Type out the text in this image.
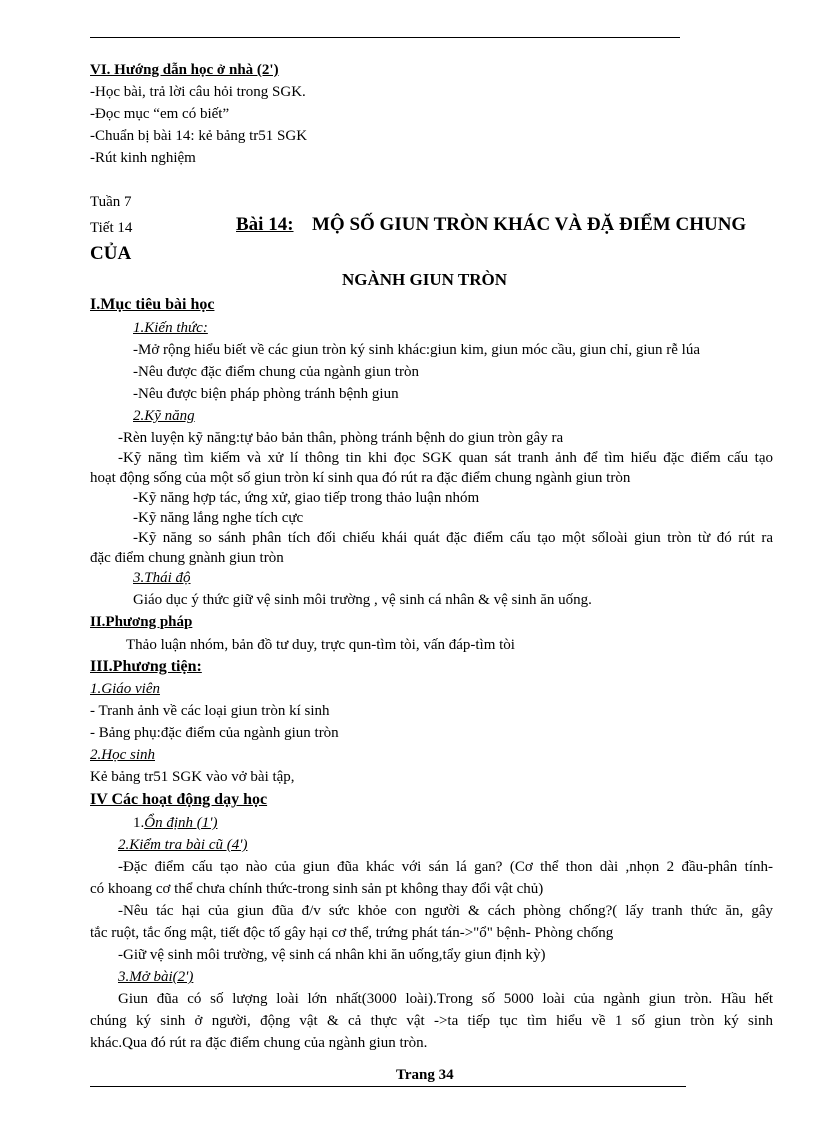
VI. Hướng dẫn học ở nhà (2')
-Học bài, trả lời câu hỏi trong SGK.
-Đọc mục “em có biết”
-Chuẩn bị bài 14: kẻ bảng tr51 SGK
-Rút kinh nghiệm
Tuần 7
Tiết 14	Bài 14: MỘ SỐ GIUN TRÒN KHÁC VÀ ĐẶ ĐIỂM CHUNG
CỦA
NGÀNH GIUN TRÒN
I.Mục tiêu bài học
1.Kiến thức:
-Mở rộng hiểu biết về các giun tròn ký sinh khác:giun kim, giun móc cầu, giun chỉ, giun rễ lúa
-Nêu được đặc điểm chung của ngành giun tròn
-Nêu được biện pháp phòng tránh bệnh giun
2.Kỹ năng
-Rèn luyện kỹ năng:tự bảo bản thân, phòng tránh bệnh do giun tròn gây ra
-Kỹ năng tìm kiếm và xử lí thông tin khi đọc SGK quan sát tranh ảnh để tìm hiểu đặc điểm cấu tạo
hoạt động sống của một số giun tròn kí sinh qua đó rút ra đặc điểm chung ngành giun tròn
-Kỹ năng hợp tác, ứng xử, giao tiếp trong thảo luận nhóm
-Kỹ năng lắng nghe tích cực
-Kỹ năng so sánh phân tích đối chiếu khái quát đặc điểm cấu tạo một sốloài giun tròn từ đó rút ra
đặc điểm chung gnành giun tròn
3.Thái độ
Giáo dục ý thức giữ vệ sinh môi trường , vệ sinh cá nhân & vệ sinh ăn uống.
II.Phương pháp
Thảo luận nhóm, bản đồ tư duy, trực qun-tìm tòi, vấn đáp-tìm tòi
III.Phương tiện:
1.Giáo viên
- Tranh ảnh về các loại giun tròn kí sinh
- Bảng phụ:đặc điểm của ngành giun tròn
2.Học sinh
Kẻ bảng tr51 SGK vào vở bài tập,
IV Các hoạt động dạy học
1.Ổn định (1')
2.Kiểm tra bài cũ (4')
-Đặc điểm cấu tạo nào của giun đũa khác với sán lá gan? (Cơ thể thon dài ,nhọn 2 đầu-phân tính-
có khoang cơ thể chưa chính thức-trong sinh sản pt không thay đổi vật chủ)
-Nêu tác hại của giun đũa đ/v sức khỏe con người & cách phòng chống?( lấy tranh thức ăn, gây
tắc ruột, tắc ống mật, tiết độc tố gây hại cơ thể, trứng phát tán->"ổ" bệnh- Phòng chống
-Giữ vệ sinh môi trường, vệ sinh cá nhân khi ăn uống,tẩy giun định kỳ)
3.Mở bài(2')
Giun đũa có số lượng loài lớn nhất(3000 loài).Trong số 5000 loài của ngành giun tròn. Hầu hết
chúng ký sinh ở người, động vật & cả thực vật ->ta tiếp tục tìm hiểu về 1 số giun tròn ký sinh
khác.Qua đó rút ra đặc điểm chung của ngành giun tròn.
Trang 34
